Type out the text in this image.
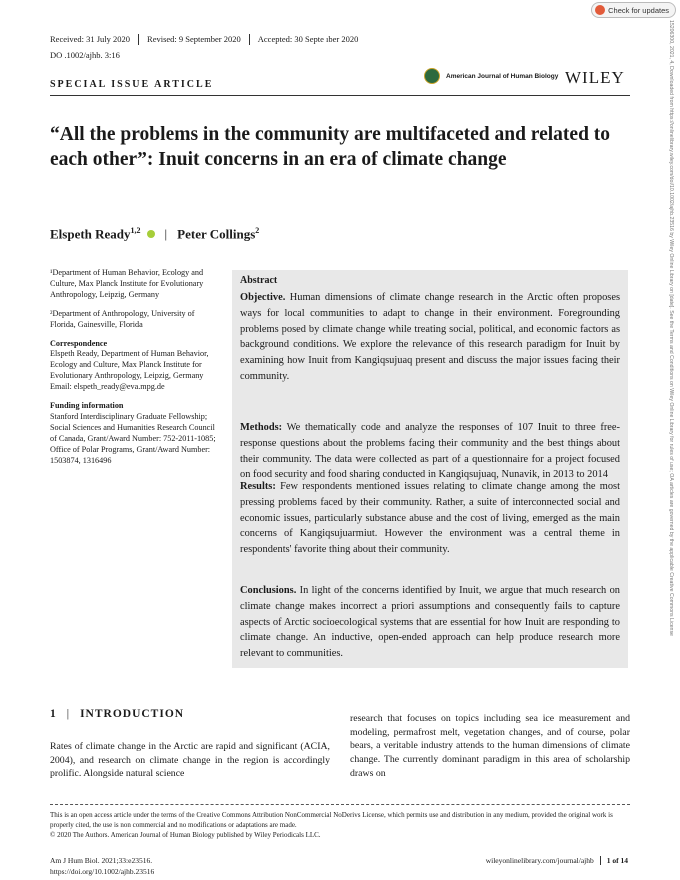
Check for updates
Received: 31 July 2020 Revised: 9 September 2020 Accepted: 30 Septe ıber 2020
DO .1002/ajhb. 3:16
SPECIAL ISSUE ARTICLE
American Journal of Human Biology WILEY
“All the problems in the community are multifaceted and related to each other”: Inuit concerns in an era of climate change
Elspeth Ready$^{1,2}$	| Peter Collings$^2$

¹Department of Human Behavior, Ecology and Culture, Max Planck Institute for Evolutionary Anthropology, Leipzig, Germany

²Department of Anthropology, University of Florida, Gainesville, Florida

Correspondence

Elspeth Ready, Department of Human Behavior, Ecology and Culture, Max Planck Institute for Evolutionary Anthropology, Leipzig, Germany Email: elspeth_ready@eva.mpg.de

Funding information

Stanford Interdisciplinary Graduate Fellowship; Social Sciences and Humanities Research Council of Canada, Grant/Award Number: 752-2011-1085; Office of Polar Programs, Grant/Award Number: 1503874, 1316496

Abstract

Objective. Human dimensions of climate change research in the Arctic often proposes ways for local communities to adapt to change in their environment. Foregrounding problems posed by climate change while treating social, political, and economic factors as background conditions. We explore the relevance of this research paradigm for Inuit by examining how Inuit from Kangiqsujuaq present and discuss the major issues facing their community.

Methods: We thematically code and analyze the responses of 107 Inuit to three free-response questions about the problems facing their community and the best things about their community. The data were collected as part of a questionnaire for a project focused on food security and food sharing conducted in Kangiqsujuaq, Nunavik, in 2013 to 2014

Results: Few respondents mentioned issues relating to climate change among the most pressing problems faced by their community. Rather, a suite of interconnected social and economic issues, particularly substance abuse and the cost of living, emerged as the main concerns of Kangiqsujuarmiut. However the environment was a central theme in respondents' favorite thing about their community.

Conclusions. In light of the concerns identified by Inuit, we argue that much research on climate change makes incorrect a priori assumptions and consequently fails to capture aspects of Arctic socioecological systems that are essential for how Inuit are responding to climate change. An inductive, open-ended approach can help produce research more relevant to communities.

1 | INTRODUCTION

Rates of climate change in the Arctic are rapid and significant (ACIA, 2004), and research on climate change in the region is accordingly prolific. Alongside natural science

research that focuses on topics including sea ice measurement and modeling, permafrost melt, vegetation changes, and of course, polar bears, a veritable industry attends to the human dimensions of climate change. The currently dominant paradigm in this area of scholarship draws on

This is an open access article under the terms of the Creative Commons Attribution NonCommercial NoDerivs License, which permits use and distribution in any medium, provided the original work is properly cited, the use is non commercial and no modifications or adaptations are made.
© 2020 The Authors. American Journal of Human Biology published by Wiley Periodicals LLC.
Am J Hum Biol. 2021;33:e23516.
https://doi.org/10.1002/ajhb.23516
wileyonlinelibrary.com/journal/ajhb	1 of 14
15206300, 2021, 4, Downloaded from https://onlinelibrary.wiley.com/doi/10.1002/ajhb.23516 by Wiley Online Library on [date]. See the Terms and Conditions on Wiley Online Library for rules of use; OA articles are governed by the applicable Creative Commons License
